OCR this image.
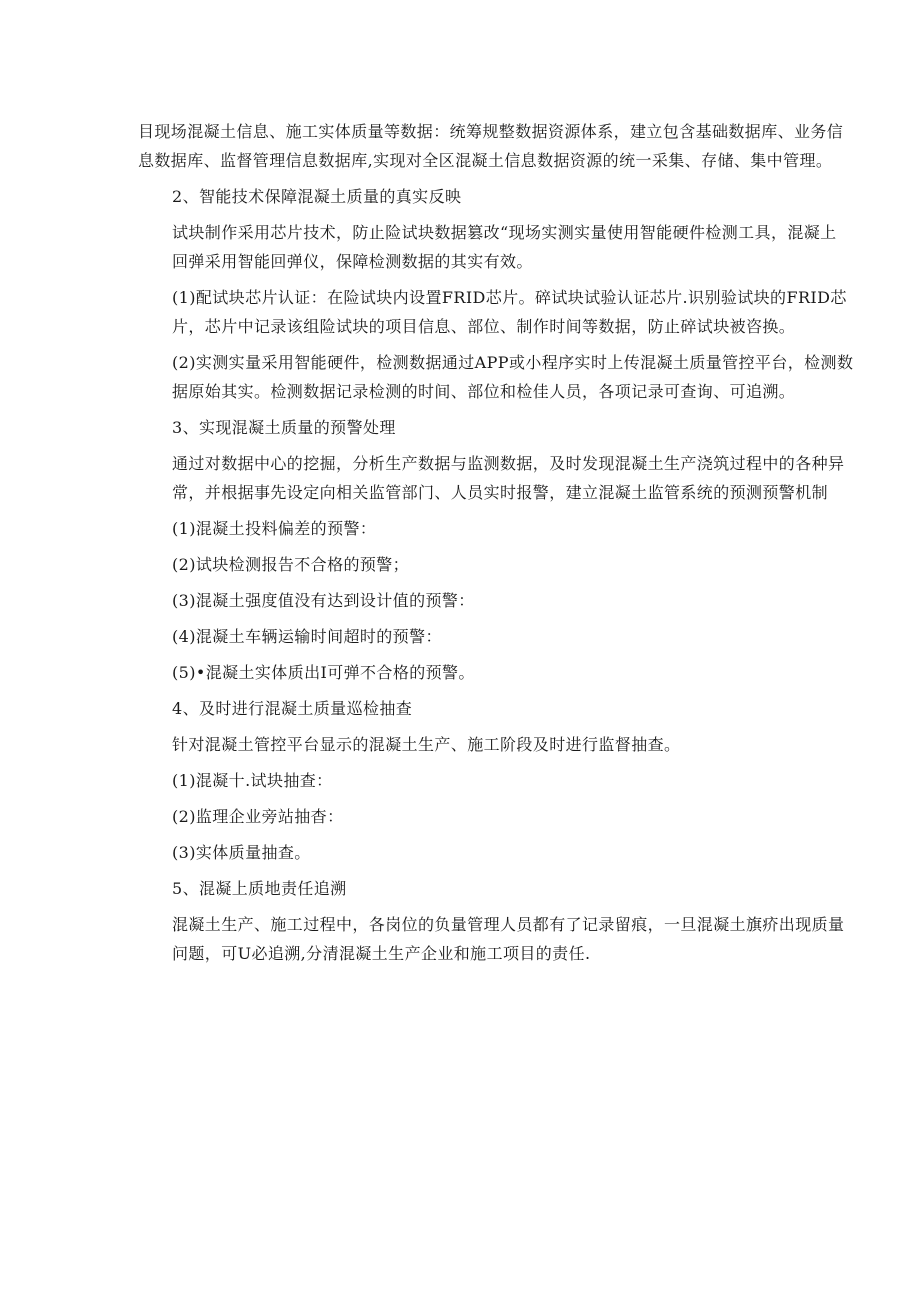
目现场混凝土信息、施工实体质量等数据：统筹规整数据资源体系，建立包含基础数据库、业务信
息数据库、监督管理信息数据库,实现对全区混凝土信息数据资源的统一采集、存储、集中管理。

2、智能技术保障混凝土质量的真实反映

试块制作采用芯片技术，防止险试块数据篡改“现场实测实量使用智能硬件检测工具，混凝上
回弹采用智能回弹仪，保障检测数据的其实有效。

(1)配试块芯片认证：在险试块内设置FRID芯片。碎试块试验认证芯片.识别验试块的FRID芯
片，芯片中记录该组险试块的项目信息、部位、制作时间等数据，防止碎试块被咨换。

(2)实测实量采用智能硬件，检测数据通过APP或小程序实时上传混凝土质量管控平台，检测数
据原始其实。检测数据记录检测的时间、部位和检佳人员，各项记录可查询、可追溯。

3、实现混凝土质量的预警处理

通过对数据中心的挖掘，分析生产数据与监测数据，及时发现混凝土生产浇筑过程中的各种异
常，并根据事先设定向相关监管部门、人员实时报警，建立混凝土监管系统的预测预警机制

(1)混凝土投料偏差的预警：

(2)试块检测报告不合格的预警；

(3)混凝土强度值没有达到设计值的预警：

(4)混凝土车辆运输时间超时的预警：

(5)•混凝土实体质出I可弹不合格的预警。

4、及时进行混凝土质量巡检抽查

针对混凝土管控平台显示的混凝土生产、施工阶段及时进行监督抽查。

(1)混凝十.试块抽查：

(2)监理企业旁站抽杳：

(3)实体质量抽查。

5、混凝上质地责任追溯

混凝土生产、施工过程中，各岗位的负量管理人员都有了记录留痕，一旦混凝土旗疥出现质量
问题，可U必追溯,分清混凝土生产企业和施工项目的责任.
